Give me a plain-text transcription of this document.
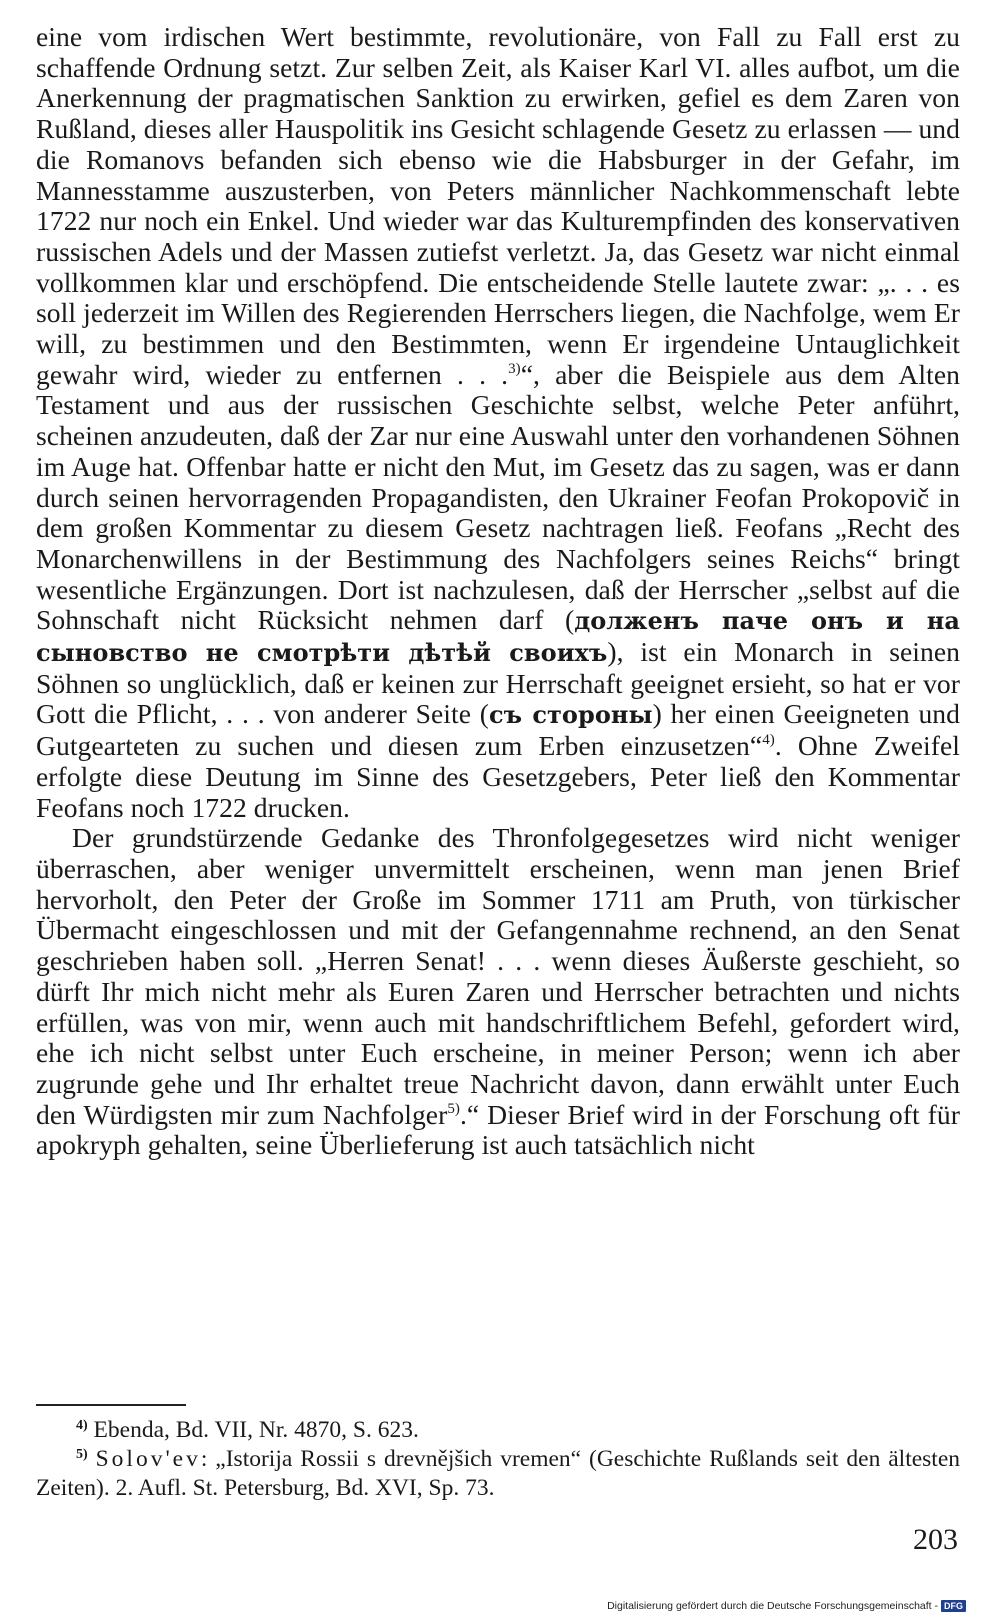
eine vom irdischen Wert bestimmte, revolutionäre, von Fall zu Fall erst zu schaffende Ordnung setzt. Zur selben Zeit, als Kaiser Karl VI. alles aufbot, um die Anerkennung der pragmatischen Sanktion zu erwirken, gefiel es dem Zaren von Rußland, dieses aller Hauspolitik ins Gesicht schlagende Gesetz zu erlassen — und die Romanovs befanden sich ebenso wie die Habsburger in der Gefahr, im Mannesstamme auszusterben, von Peters männlicher Nachkommenschaft lebte 1722 nur noch ein Enkel. Und wieder war das Kulturempfinden des konservativen russischen Adels und der Massen zutiefst verletzt. Ja, das Gesetz war nicht einmal vollkommen klar und erschöpfend. Die entscheidende Stelle lautete zwar: „. . . es soll jederzeit im Willen des Regierenden Herrschers liegen, die Nachfolge, wem Er will, zu bestimmen und den Bestimmten, wenn Er irgendeine Untauglichkeit gewahr wird, wieder zu entfernen . . .$^{3)}$“, aber die Beispiele aus dem Alten Testament und aus der russischen Geschichte selbst, welche Peter anführt, scheinen anzudeuten, daß der Zar nur eine Auswahl unter den vorhandenen Söhnen im Auge hat. Offenbar hatte er nicht den Mut, im Gesetz das zu sagen, was er dann durch seinen hervorragenden Propagandisten, den Ukrainer Feofan Prokopovič in dem großen Kommentar zu diesem Gesetz nachtragen ließ. Feofans „Recht des Monarchenwillens in der Bestimmung des Nachfolgers seines Reichs“ bringt wesentliche Ergänzungen. Dort ist nachzulesen, daß der Herrscher „selbst auf die Sohnschaft nicht Rücksicht nehmen darf (долженъ паче онъ и на сыновство не смотрѣти дѣтѣй своихъ), ist ein Monarch in seinen Söhnen so unglücklich, daß er keinen zur Herrschaft geeignet ersieht, so hat er vor Gott die Pflicht, . . . von anderer Seite (съ стороны) her einen Geeigneten und Gutgearteten zu suchen und diesen zum Erben einzusetzen“$^{4)}$. Ohne Zweifel erfolgte diese Deutung im Sinne des Gesetzgebers, Peter ließ den Kommentar Feofans noch 1722 drucken.

Der grundstürzende Gedanke des Thronfolgegesetzes wird nicht weniger überraschen, aber weniger unvermittelt erscheinen, wenn man jenen Brief hervorholt, den Peter der Große im Sommer 1711 am Pruth, von türkischer Übermacht eingeschlossen und mit der Gefangennahme rechnend, an den Senat geschrieben haben soll. „Herren Senat! . . . wenn dieses Äußerste geschieht, so dürft Ihr mich nicht mehr als Euren Zaren und Herrscher betrachten und nichts erfüllen, was von mir, wenn auch mit handschriftlichem Befehl, gefordert wird, ehe ich nicht selbst unter Euch erscheine, in meiner Person; wenn ich aber zugrunde gehe und Ihr erhaltet treue Nachricht davon, dann erwählt unter Euch den Würdigsten mir zum Nachfolger$^{5)}$.“ Dieser Brief wird in der Forschung oft für apokryph gehalten, seine Überlieferung ist auch tatsächlich nicht

$^{4)}$ Ebenda, Bd. VII, Nr. 4870, S. 623.

$^{5)}$ Solov'ev: „Istorija Rossii s drevnějšich vremen“ (Geschichte Rußlands seit den ältesten Zeiten). 2. Aufl. St. Petersburg, Bd. XVI, Sp. 73.

203
Digitalisierung gefördert durch die Deutsche Forschungsgemeinschaft - DFG
